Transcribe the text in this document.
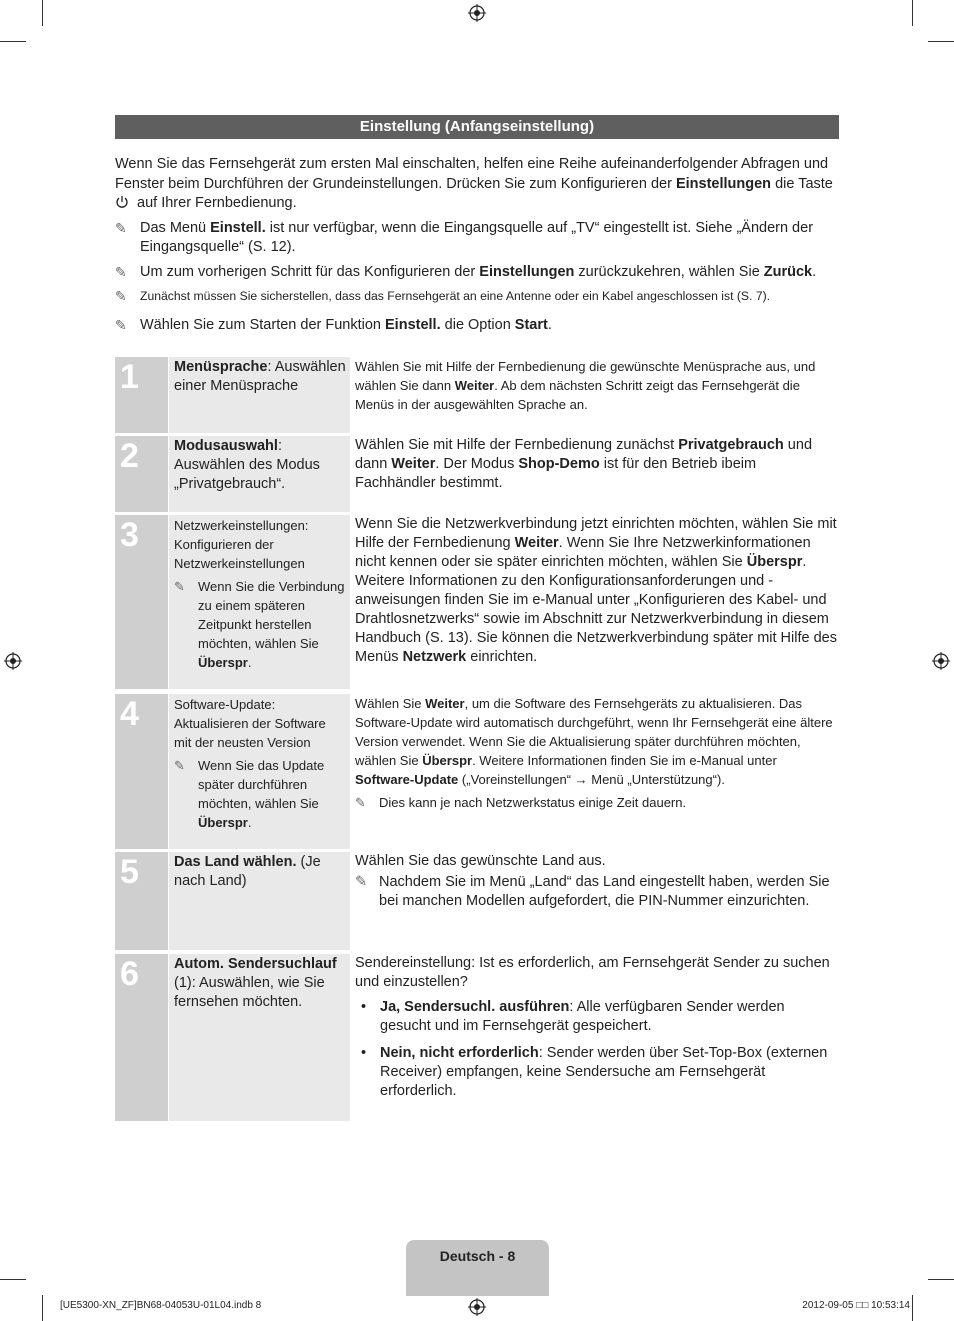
Einstellung (Anfangseinstellung)

Wenn Sie das Fernsehgerät zum ersten Mal einschalten, helfen eine Reihe aufeinanderfolgender Abfragen und Fenster beim Durchführen der Grundeinstellungen. Drücken Sie zum Konfigurieren der Einstellungen die Taste
auf Ihrer Fernbedienung.

✎ Das Menü Einstell. ist nur verfügbar, wenn die Eingangsquelle auf „TV“ eingestellt ist. Siehe „Ändern der Eingangsquelle“ (S. 12).

✎ Um zum vorherigen Schritt für das Konfigurieren der Einstellungen zurückzukehren, wählen Sie Zurück.

✎ Zunächst müssen Sie sicherstellen, dass das Fernsehgerät an eine Antenne oder ein Kabel angeschlossen ist (S. 7).

✎ Wählen Sie zum Starten der Funktion Einstell. die Option Start.

1	Menüsprache: Auswählen einer Menüsprache
Wählen Sie mit Hilfe der Fernbedienung die gewünschte Menüsprache aus, und wählen Sie dann Weiter. Ab dem nächsten Schritt zeigt das Fernsehgerät die Menüs in der ausgewählten Sprache an.
2	Modusauswahl: Auswählen des Modus „Privatgebrauch“.
Wählen Sie mit Hilfe der Fernbedienung zunächst Privatgebrauch und dann Weiter. Der Modus Shop-Demo ist für den Betrieb ibeim Fachhändler bestimmt.
3	Netzwerkeinstellungen: Konfigurieren der Netzwerkeinstellungen

✎ Wenn Sie die Verbindung zu einem späteren Zeitpunkt herstellen möchten, wählen Sie Überspr.

Wenn Sie die Netzwerkverbindung jetzt einrichten möchten, wählen Sie mit Hilfe der Fernbedienung Weiter. Wenn Sie Ihre Netzwerkinformationen nicht kennen oder sie später einrichten möchten, wählen Sie Überspr. Weitere Informationen zu den Konfigurationsanforderungen und -anweisungen finden Sie im e-Manual unter „Konfigurieren des Kabel- und Drahtlosnetzwerks“ sowie im Abschnitt zur Netzwerkverbindung in diesem Handbuch (S. 13). Sie können die Netzwerkverbindung später mit Hilfe des Menüs Netzwerk einrichten.
4	Software-Update: Aktualisieren der Software mit der neusten Version

✎ Wenn Sie das Update später durchführen möchten, wählen Sie Überspr.

Wählen Sie Weiter, um die Software des Fernsehgeräts zu aktualisieren. Das Software-Update wird automatisch durchgeführt, wenn Ihr Fernsehgerät eine ältere Version verwendet. Wenn Sie die Aktualisierung später durchführen möchten, wählen Sie Überspr. Weitere Informationen finden Sie im e-Manual unter Software-Update („Voreinstellungen“ → Menü „Unterstützung“).

✎ Dies kann je nach Netzwerkstatus einige Zeit dauern.

5	Das Land wählen. (Je nach Land)

Wählen Sie das gewünschte Land aus.

✎ Nachdem Sie im Menü „Land“ das Land eingestellt haben, werden Sie bei manchen Modellen aufgefordert, die PIN-Nummer einzurichten.

6	Autom. Sendersuchlauf (1): Auswählen, wie Sie fernsehen möchten.

Sendereinstellung: Ist es erforderlich, am Fernsehgerät Sender zu suchen und einzustellen?

• Ja, Sendersuchl. ausführen: Alle verfügbaren Sender werden gesucht und im Fernsehgerät gespeichert.
• Nein, nicht erforderlich: Sender werden über Set-Top-Box (externen Receiver) empfangen, keine Sendersuche am Fernsehgerät erforderlich.
Deutsch - 8
[UE5300-XN_ZF]BN68-04053U-01L04.indb 8	2012-09-05 □□ 10:53:14
